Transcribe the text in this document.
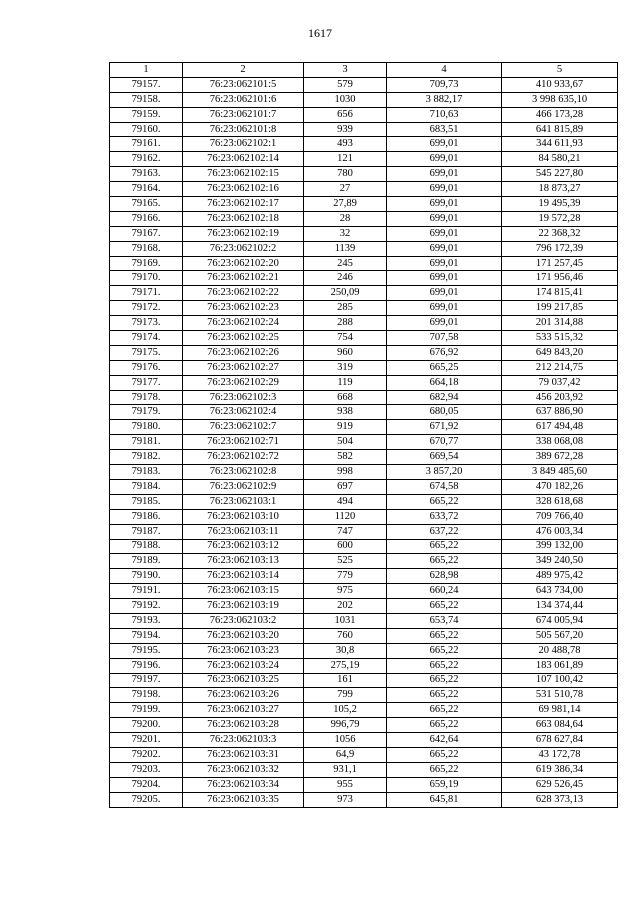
1617
1	2	3	4	5
79157.	76:23:062101:5	579	709,73	410 933,67
79158.	76:23:062101:6	1030	3 882,17	3 998 635,10
79159.	76:23:062101:7	656	710,63	466 173,28
79160.	76:23:062101:8	939	683,51	641 815,89
79161.	76:23:062102:1	493	699,01	344 611,93
79162.	76:23:062102:14	121	699,01	84 580,21
79163.	76:23:062102:15	780	699,01	545 227,80
79164.	76:23:062102:16	27	699,01	18 873,27
79165.	76:23:062102:17	27,89	699,01	19 495,39
79166.	76:23:062102:18	28	699,01	19 572,28
79167.	76:23:062102:19	32	699,01	22 368,32
79168.	76:23:062102:2	1139	699,01	796 172,39
79169.	76:23:062102:20	245	699,01	171 257,45
79170.	76:23:062102:21	246	699,01	171 956,46
79171.	76:23:062102:22	250,09	699,01	174 815,41
79172.	76:23:062102:23	285	699,01	199 217,85
79173.	76:23:062102:24	288	699,01	201 314,88
79174.	76:23:062102:25	754	707,58	533 515,32
79175.	76:23:062102:26	960	676,92	649 843,20
79176.	76:23:062102:27	319	665,25	212 214,75
79177.	76:23:062102:29	119	664,18	79 037,42
79178.	76:23:062102:3	668	682,94	456 203,92
79179.	76:23:062102:4	938	680,05	637 886,90
79180.	76:23:062102:7	919	671,92	617 494,48
79181.	76:23:062102:71	504	670,77	338 068,08
79182.	76:23:062102:72	582	669,54	389 672,28
79183.	76:23:062102:8	998	3 857,20	3 849 485,60
79184.	76:23:062102:9	697	674,58	470 182,26
79185.	76:23:062103:1	494	665,22	328 618,68
79186.	76:23:062103:10	1120	633,72	709 766,40
79187.	76:23:062103:11	747	637,22	476 003,34
79188.	76:23:062103:12	600	665,22	399 132,00
79189.	76:23:062103:13	525	665,22	349 240,50
79190.	76:23:062103:14	779	628,98	489 975,42
79191.	76:23:062103:15	975	660,24	643 734,00
79192.	76:23:062103:19	202	665,22	134 374,44
79193.	76:23:062103:2	1031	653,74	674 005,94
79194.	76:23:062103:20	760	665,22	505 567,20
79195.	76:23:062103:23	30,8	665,22	20 488,78
79196.	76:23:062103:24	275,19	665,22	183 061,89
79197.	76:23:062103:25	161	665,22	107 100,42
79198.	76:23:062103:26	799	665,22	531 510,78
79199.	76:23:062103:27	105,2	665,22	69 981,14
79200.	76:23:062103:28	996,79	665,22	663 084,64
79201.	76:23:062103:3	1056	642,64	678 627,84
79202.	76:23:062103:31	64,9	665,22	43 172,78
79203.	76:23:062103:32	931,1	665,22	619 386,34
79204.	76:23:062103:34	955	659,19	629 526,45
79205.	76:23:062103:35	973	645,81	628 373,13
